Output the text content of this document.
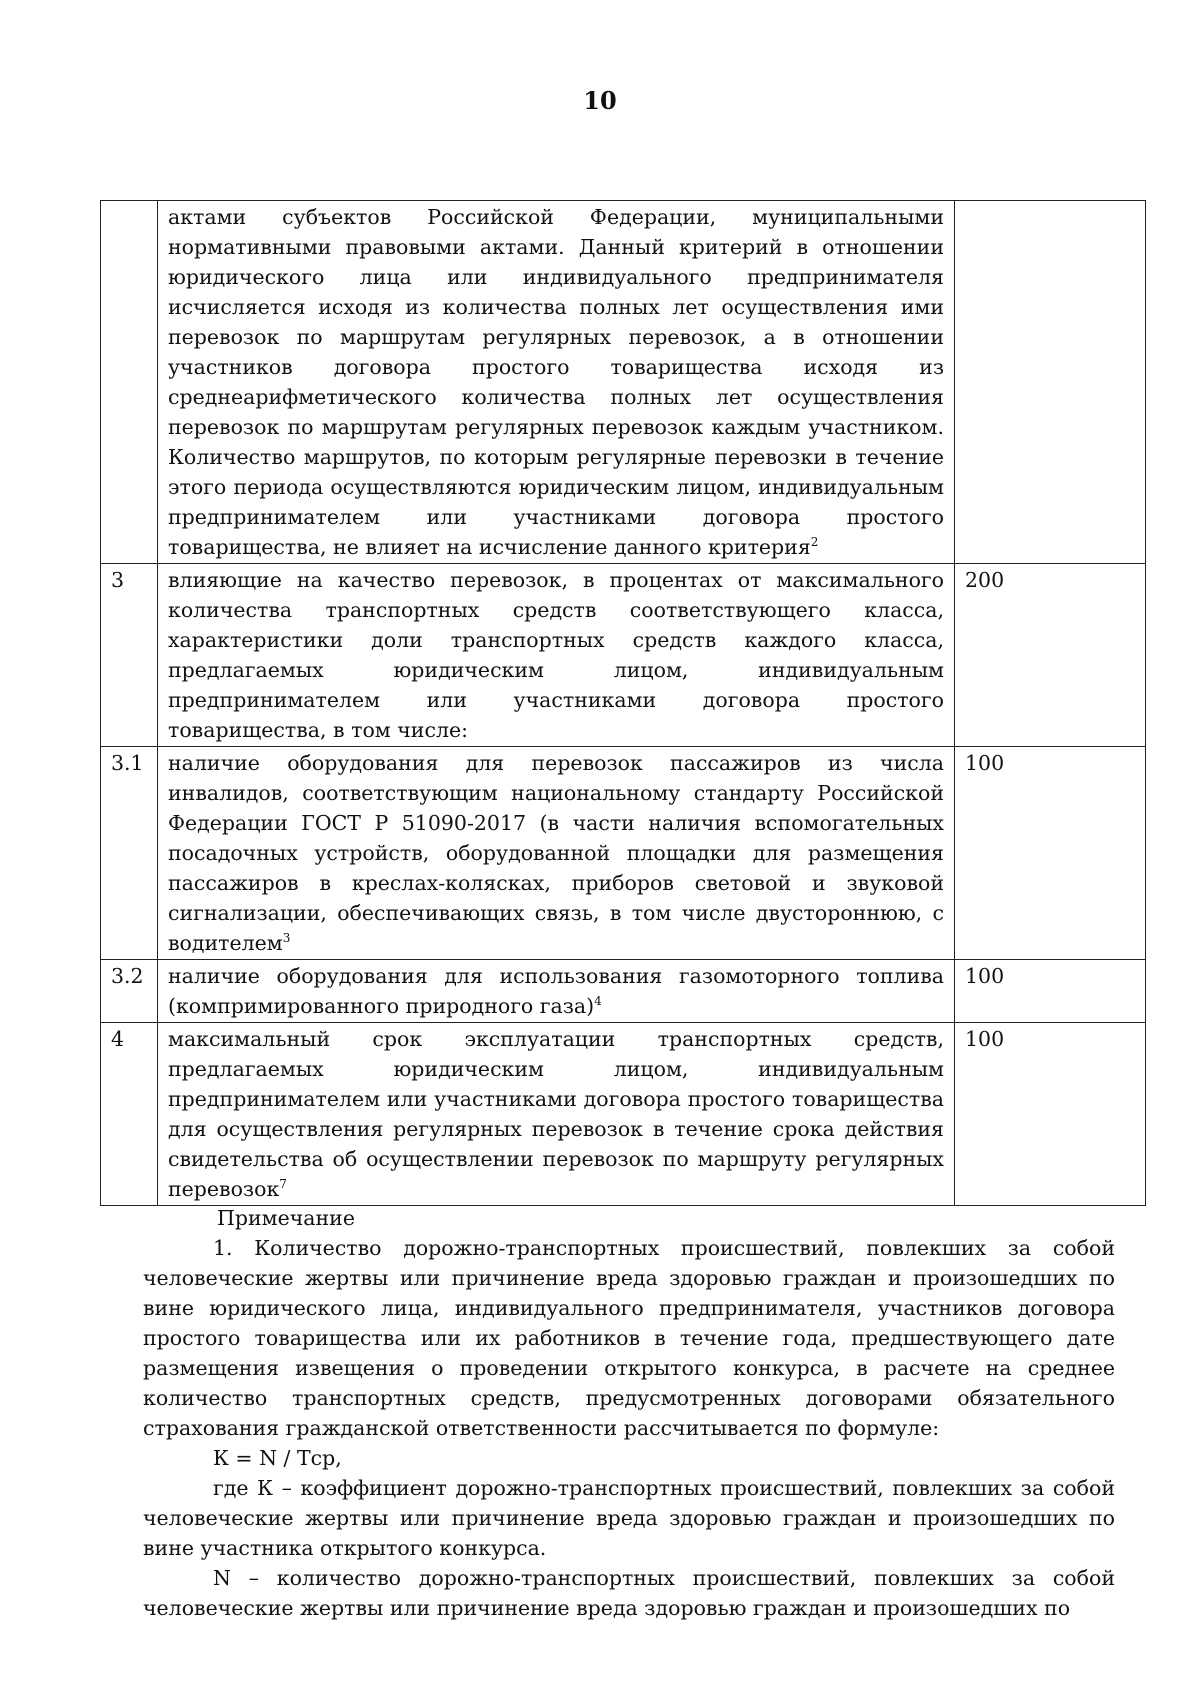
10
	актами субъектов Российской Федерации, муниципальными нормативными правовыми актами. Данный критерий в отношении юридического лица или индивидуального предпринимателя исчисляется исходя из количества полных лет осуществления ими перевозок по маршрутам регулярных перевозок, а в отношении участников договора простого товарищества исходя из среднеарифметического количества полных лет осуществления перевозок по маршрутам регулярных перевозок каждым участником. Количество маршрутов, по которым регулярные перевозки в течение этого периода осуществляются юридическим лицом, индивидуальным предпринимателем или участниками договора простого товарищества, не влияет на исчисление данного критерия$^2$	
3	влияющие на качество перевозок, в процентах от максимального количества транспортных средств соответствующего класса, характеристики доли транспортных средств каждого класса, предлагаемых юридическим лицом, индивидуальным предпринимателем или участниками договора простого товарищества, в том числе:	200
3.1	наличие оборудования для перевозок пассажиров из числа инвалидов, соответствующим национальному стандарту Российской Федерации ГОСТ Р 51090-2017 (в части наличия вспомогательных посадочных устройств, оборудованной площадки для размещения пассажиров в креслах-колясках, приборов световой и звуковой сигнализации, обеспечивающих связь, в том числе двустороннюю, с водителем$^3$	100
3.2	наличие оборудования для использования газомоторного топлива (компримированного природного газа)$^4$	100
4	максимальный срок эксплуатации транспортных средств, предлагаемых юридическим лицом, индивидуальным предпринимателем или участниками договора простого товарищества для осуществления регулярных перевозок в течение срока действия свидетельства об осуществлении перевозок по маршруту регулярных перевозок$^7$	100

Примечание

1. Количество дорожно-транспортных происшествий, повлекших за собой человеческие жертвы или причинение вреда здоровью граждан и произошедших по вине юридического лица, индивидуального предпринимателя, участников договора простого товарищества или их работников в течение года, предшествующего дате размещения извещения о проведении открытого конкурса, в расчете на среднее количество транспортных средств, предусмотренных договорами обязательного страхования гражданской ответственности рассчитывается по формуле:

К = N / Тср,

где К – коэффициент дорожно-транспортных происшествий, повлекших за собой человеческие жертвы или причинение вреда здоровью граждан и произошедших по вине участника открытого конкурса.

N – количество дорожно-транспортных происшествий, повлекших за собой человеческие жертвы или причинение вреда здоровью граждан и произошедших по
